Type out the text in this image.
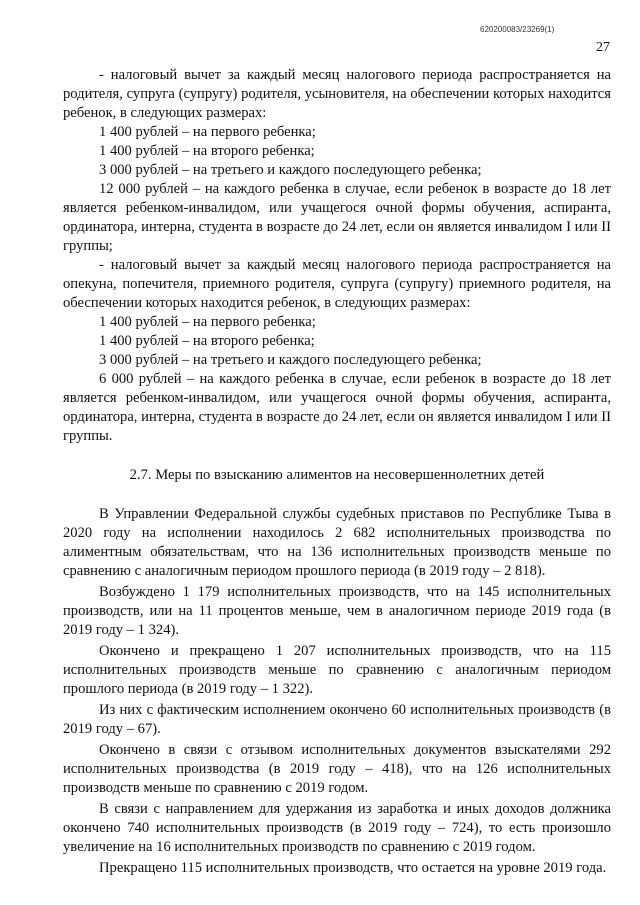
620200083/23269(1)
27

- налоговый вычет за каждый месяц налогового периода распространяется на родителя, супруга (супругу) родителя, усыновителя, на обеспечении которых находится ребенок, в следующих размерах:

1 400 рублей – на первого ребенка;

1 400 рублей – на второго ребенка;

3 000 рублей – на третьего и каждого последующего ребенка;

12 000 рублей – на каждого ребенка в случае, если ребенок в возрасте до 18 лет является ребенком-инвалидом, или учащегося очной формы обучения, аспиранта, ординатора, интерна, студента в возрасте до 24 лет, если он является инвалидом I или II группы;

- налоговый вычет за каждый месяц налогового периода распространяется на опекуна, попечителя, приемного родителя, супруга (супругу) приемного родителя, на обеспечении которых находится ребенок, в следующих размерах:

1 400 рублей – на первого ребенка;

1 400 рублей – на второго ребенка;

3 000 рублей – на третьего и каждого последующего ребенка;

6 000 рублей – на каждого ребенка в случае, если ребенок в возрасте до 18 лет является ребенком-инвалидом, или учащегося очной формы обучения, аспиранта, ординатора, интерна, студента в возрасте до 24 лет, если он является инвалидом I или II группы.

2.7. Меры по взысканию алиментов на несовершеннолетних детей

В Управлении Федеральной службы судебных приставов по Республике Тыва в 2020 году на исполнении находилось 2 682 исполнительных производства по алиментным обязательствам, что на 136 исполнительных производств меньше по сравнению с аналогичным периодом прошлого периода (в 2019 году – 2 818).

Возбуждено 1 179 исполнительных производств, что на 145 исполнительных производств, или на 11 процентов меньше, чем в аналогичном периоде 2019 года (в 2019 году – 1 324).

Окончено и прекращено 1 207 исполнительных производств, что на 115 исполнительных производств меньше по сравнению с аналогичным периодом прошлого периода (в 2019 году – 1 322).

Из них с фактическим исполнением окончено 60 исполнительных производств (в 2019 году – 67).

Окончено в связи с отзывом исполнительных документов взыскателями 292 исполнительных производства (в 2019 году – 418), что на 126 исполнительных производств меньше по сравнению с 2019 годом.

В связи с направлением для удержания из заработка и иных доходов должника окончено 740 исполнительных производств (в 2019 году – 724), то есть произошло увеличение на 16 исполнительных производств по сравнению с 2019 годом.

Прекращено 115 исполнительных производств, что остается на уровне 2019 года.
